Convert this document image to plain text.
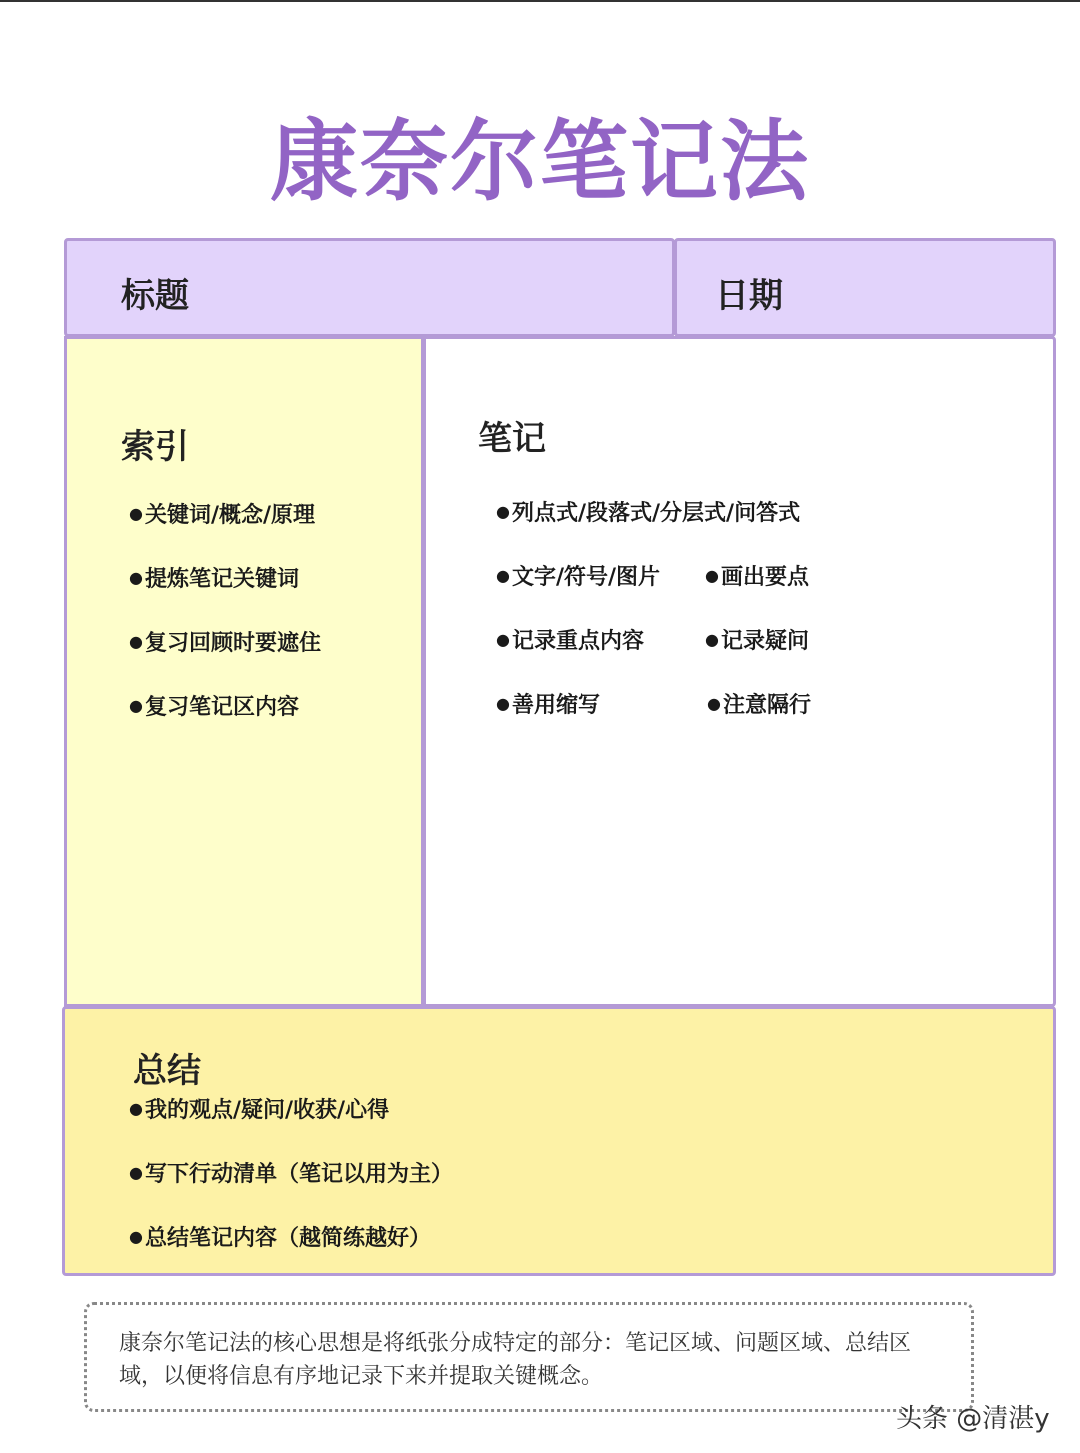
康奈尔笔记法
标题	日期
索引
● 关键词/概念/原理
● 提炼笔记关键词
● 复习回顾时要遮住
● 复习笔记区内容
笔记
● 列点式/段落式/分层式/问答式
● 文字/符号/图片	● 画出要点
● 记录重点内容	● 记录疑问
● 善用缩写	● 注意隔行
总结
● 我的观点/疑问/收获/心得
● 写下行动清单（笔记以用为主）
● 总结笔记内容（越简练越好）
康奈尔笔记法的核心思想是将纸张分成特定的部分：笔记区域、问题区域、总结区域，以便将信息有序地记录下来并提取关键概念。
头条 @清湛y
